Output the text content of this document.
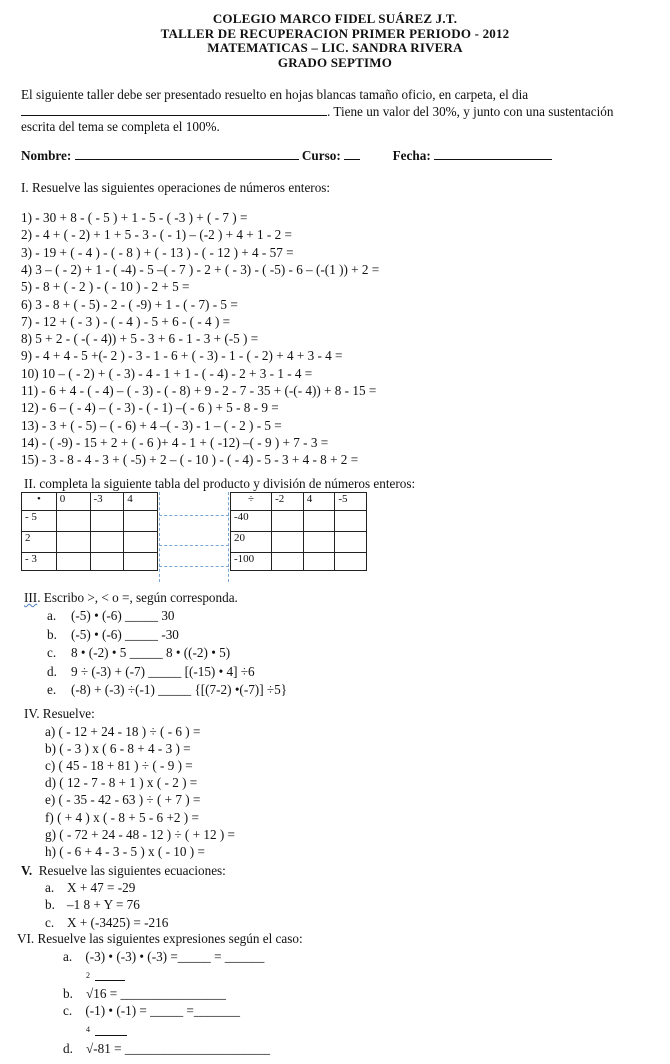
COLEGIO MARCO FIDEL SUÁREZ J.T.
TALLER DE RECUPERACION PRIMER PERIODO - 2012
MATEMATICAS – LIC. SANDRA RIVERA
GRADO SEPTIMO
El siguiente taller debe ser presentado resuelto en hojas blancas tamaño oficio, en carpeta, el dia
. Tiene un valor del 30%, y junto con una sustentación
escrita del tema se completa el 100%.
Nombre:	Curso:	Fecha:
I. Resuelve las siguientes operaciones de números enteros:
1) - 30 + 8 - ( - 5 ) + 1 - 5 - ( -3 ) + ( - 7 ) =
2) - 4 + ( - 2) + 1 + 5 - 3 - ( - 1) – (-2 ) + 4 + 1 - 2 =
3) - 19 + ( - 4 ) - ( - 8 ) + ( - 13 ) - ( - 12 ) + 4 - 57 =
4) 3 – ( - 2) + 1 - ( -4) - 5 –( - 7 ) - 2 + ( - 3) - ( -5) - 6 – (-(1 )) + 2 =
5) - 8 + ( - 2 ) - ( - 10 ) - 2 + 5 =
6) 3 - 8 + ( - 5) - 2 - ( -9) + 1 - ( - 7) - 5 =
7) - 12 + ( - 3 ) - ( - 4 ) - 5 + 6 - ( - 4 ) =
8) 5 + 2 - ( -( - 4)) + 5 - 3 + 6 - 1 - 3 + (-5 ) =
9) - 4 + 4 - 5 +(- 2 ) - 3 - 1 - 6 + ( - 3) - 1 - ( - 2) + 4 + 3 - 4 =
10) 10 – ( - 2) + ( - 3) - 4 - 1 + 1 - ( - 4) - 2 + 3 - 1 - 4 =
11) - 6 + 4 - ( - 4) – ( - 3) - ( - 8) + 9 - 2 - 7 - 35 + (-(- 4)) + 8 - 15 =
12) - 6 – ( - 4) – ( - 3) - ( - 1) –( - 6 ) + 5 - 8 - 9 =
13) - 3 + ( - 5) – ( - 6) + 4 –( - 3) - 1 – ( - 2 ) - 5 =
14) - ( -9) - 15 + 2 + ( - 6 )+ 4 - 1 + ( -12) –( - 9 ) + 7 - 3 =
15) - 3 - 8 - 4 - 3 + ( -5) + 2 – ( - 10 ) - ( - 4) - 5 - 3 + 4 - 8 + 2 =
II. completa la siguiente tabla del producto y división de números enteros:
•	0	-3	4
- 5			
2			
- 3			
÷	-2	4	-5
-40			
20			
-100			
III. Escribo >, < o =, según corresponda.
a. (-5) • (-6) _____ 30
b. (-5) • (-6) _____ -30
c. 8 • (-2) • 5 _____ 8 • ((-2) • 5)
d. 9 ÷ (-3) + (-7) _____ [(-15) • 4] ÷6
e. (-8) + (-3) ÷(-1) _____ {[(7-2) •(-7)] ÷5}
IV. Resuelve:
a) ( - 12 + 24 - 18 ) ÷ ( - 6 ) =
b) ( - 3 ) x ( 6 - 8 + 4 - 3 ) =
c) ( 45 - 18 + 81 ) ÷ ( - 9 ) =
d) ( 12 - 7 - 8 + 1 ) x ( - 2 ) =
e) ( - 35 - 42 - 63 ) ÷ ( + 7 ) =
f) ( + 4 ) x ( - 8 + 5 - 6 +2 ) =
g) ( - 72 + 24 - 48 - 12 ) ÷ ( + 12 ) =
h) ( - 6 + 4 - 3 - 5 ) x ( - 10 ) =
V. Resuelve las siguientes ecuaciones:
a. X + 47 = -29
b. –1 8 + Y = 76
c. X + (-3425) = -216
VI. Resuelve las siguientes expresiones según el caso:
a. (-3) • (-3) • (-3) =_____ = ______
b.
2
√16 = ________________
c. (-1) • (-1) = _____ =_______
d.
4
√-81 = ______________________
